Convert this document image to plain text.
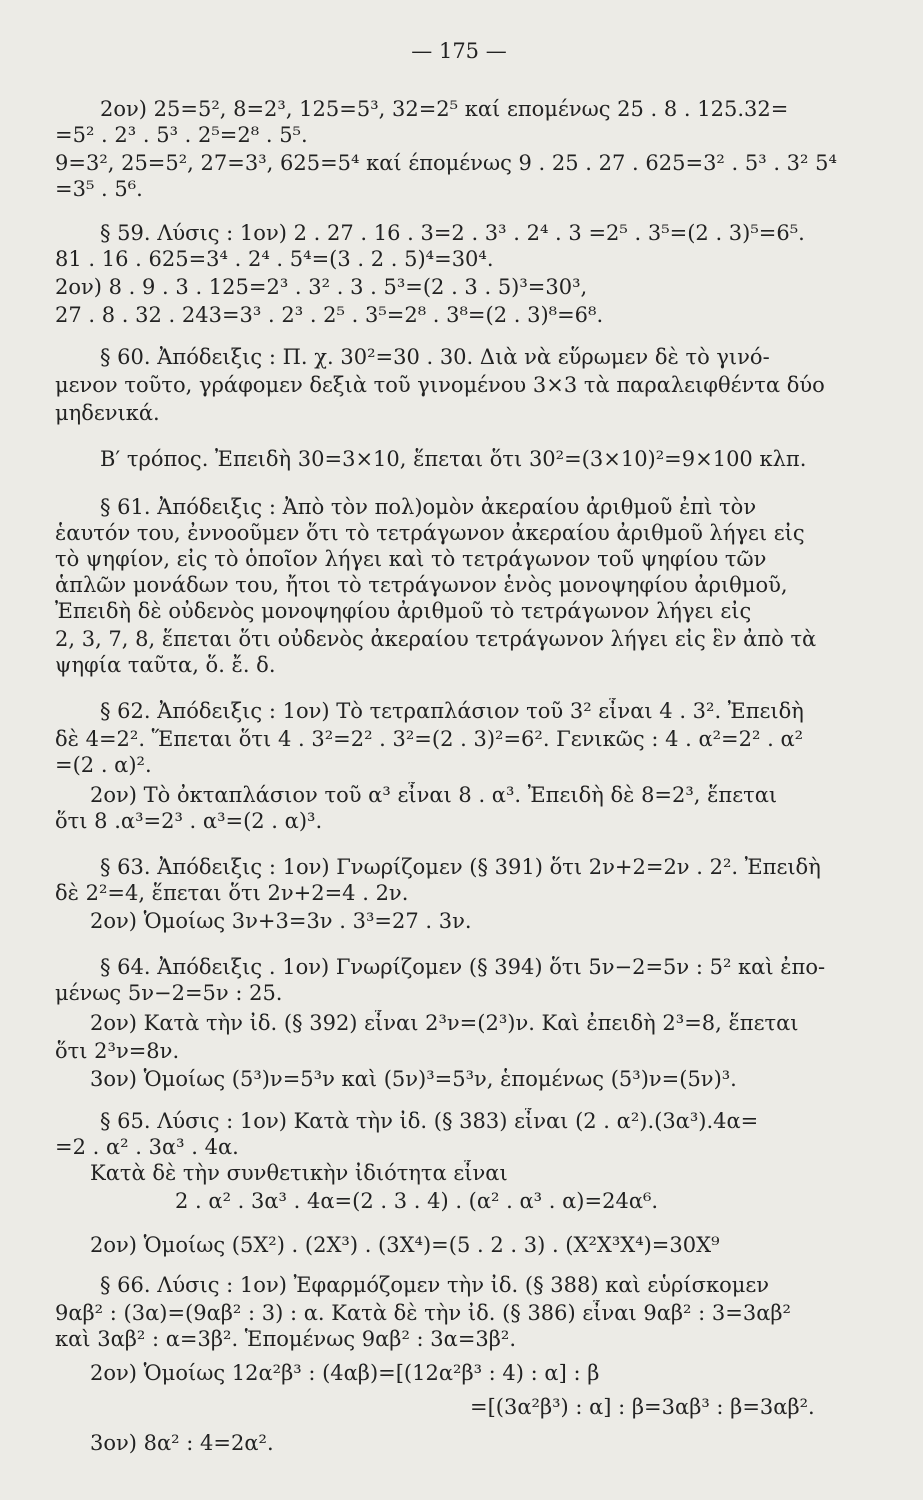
— 175 —
2ον) 25=5², 8=2³, 125=5³, 32=2⁵ καί επομένως 25 . 8 . 125.32=
=5² . 2³ . 5³ . 2⁵=2⁸ . 5⁵.
9=3², 25=5², 27=3³, 625=5⁴ καί έπομένως 9 . 25 . 27 . 625=3² . 5³ . 3² 5⁴
=3⁵ . 5⁶.
§ 59. Λύσις : 1ον) 2 . 27 . 16 . 3=2 . 3³ . 2⁴ . 3 =2⁵ . 3⁵=(2 . 3)⁵=6⁵.
81 . 16 . 625=3⁴ . 2⁴ . 5⁴=(3 . 2 . 5)⁴=30⁴.
2ον) 8 . 9 . 3 . 125=2³ . 3² . 3 . 5³=(2 . 3 . 5)³=30³,
27 . 8 . 32 . 243=3³ . 2³ . 2⁵ . 3⁵=2⁸ . 3⁸=(2 . 3)⁸=6⁸.
§ 60. Ἀπόδειξις : Π. χ. 30²=30 . 30. Διὰ νὰ εὕρωμεν δὲ τὸ γινό-
μενον τοῦτο, γράφομεν δεξιὰ τοῦ γινομένου 3×3 τὰ παραλειφθέντα δύο
μηδενικά.
Β′ τρόπος. Ἐπειδὴ 30=3×10, ἕπεται ὅτι 30²=(3×10)²=9×100 κλπ.
§ 61. Ἀπόδειξις : Ἀπὸ τὸν πολ)ομὸν ἀκεραίου ἀριθμοῦ ἐπὶ τὸν
ἑαυτόν του, ἐννοοῦμεν ὅτι τὸ τετράγωνον ἀκεραίου ἀριθμοῦ λήγει εἰς
τὸ ψηφίον, εἰς τὸ ὁποῖον λήγει καὶ τὸ τετράγωνον τοῦ ψηφίου τῶν
ἁπλῶν μονάδων του, ἤτοι τὸ τετράγωνον ἑνὸς μονοψηφίου ἀριθμοῦ,
Ἐπειδὴ δὲ οὐδενὸς μονοψηφίου ἀριθμοῦ τὸ τετράγωνον λήγει εἰς
2, 3, 7, 8, ἕπεται ὅτι οὐδενὸς ἀκεραίου τετράγωνον λήγει εἰς ἓν ἀπὸ τὰ
ψηφία ταῦτα, ὅ. ἔ. δ.
§ 62. Ἀπόδειξις : 1ον) Τὸ τετραπλάσιον τοῦ 3² εἶναι 4 . 3². Ἐπειδὴ
δὲ 4=2². Ἕπεται ὅτι 4 . 3²=2² . 3²=(2 . 3)²=6². Γενικῶς : 4 . α²=2² . α²
=(2 . α)².
2ον) Τὸ ὀκταπλάσιον τοῦ α³ εἶναι 8 . α³. Ἐπειδὴ δὲ 8=2³, ἕπεται
ὅτι 8 .α³=2³ . α³=(2 . α)³.
§ 63. Ἀπόδειξις : 1ον) Γνωρίζομεν (§ 391) ὅτι 2ν+2=2ν . 2². Ἐπειδὴ
δὲ 2²=4, ἕπεται ὅτι 2ν+2=4 . 2ν.
2ον) Ὁμοίως 3ν+3=3ν . 3³=27 . 3ν.
§ 64. Ἀπόδειξις . 1ον) Γνωρίζομεν (§ 394) ὅτι 5ν−2=5ν : 5² καὶ ἐπο-
μένως 5ν−2=5ν : 25.
2ον) Κατὰ τὴν ἰδ. (§ 392) εἶναι 2³ν=(2³)ν. Καὶ ἐπειδὴ 2³=8, ἕπεται
ὅτι 2³ν=8ν.
3ον) Ὁμοίως (5³)ν=5³ν καὶ (5ν)³=5³ν, ἑπομένως (5³)ν=(5ν)³.
§ 65. Λύσις : 1ον) Κατὰ τὴν ἰδ. (§ 383) εἶναι (2 . α²).(3α³).4α=
=2 . α² . 3α³ . 4α.
Κατὰ δὲ τὴν συνθετικὴν ἰδιότητα εἶναι
2 . α² . 3α³ . 4α=(2 . 3 . 4) . (α² . α³ . α)=24α⁶.
2ον) Ὁμοίως (5Χ²) . (2Χ³) . (3Χ⁴)=(5 . 2 . 3) . (Χ²Χ³Χ⁴)=30Χ⁹
§ 66. Λύσις : 1ον) Ἐφαρμόζομεν τὴν ἰδ. (§ 388) καὶ εὑρίσκομεν
9αβ² : (3α)=(9αβ² : 3) : α. Κατὰ δὲ τὴν ἰδ. (§ 386) εἶναι 9αβ² : 3=3αβ²
καὶ 3αβ² : α=3β². Ἑπομένως 9αβ² : 3α=3β².
2ον) Ὁμοίως 12α²β³ : (4αβ)=[(12α²β³ : 4) : α] : β
=[(3α²β³) : α] : β=3αβ³ : β=3αβ².
3ον) 8α² : 4=2α².
